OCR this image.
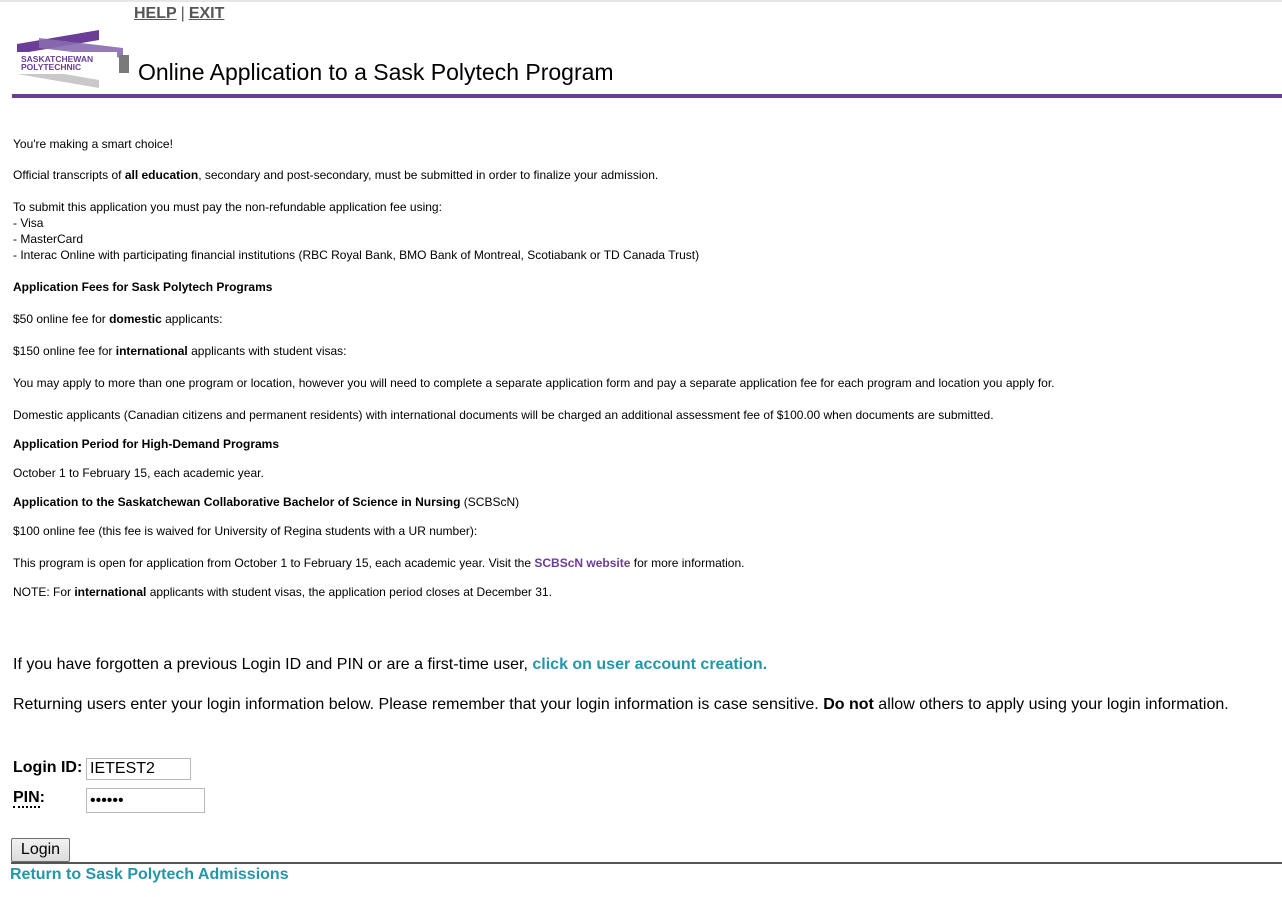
HELP | EXIT
SASKATCHEWAN
POLYTECHNIC Online Application to a Sask Polytech Program

You're making a smart choice!

Official transcripts of all education, secondary and post-secondary, must be submitted in order to finalize your admission.

To submit this application you must pay the non-refundable application fee using:

- Visa

- MasterCard

- Interac Online with participating financial institutions (RBC Royal Bank, BMO Bank of Montreal, Scotiabank or TD Canada Trust)

Application Fees for Sask Polytech Programs

$50 online fee for domestic applicants:

$150 online fee for international applicants with student visas:

You may apply to more than one program or location, however you will need to complete a separate application form and pay a separate application fee for each program and location you apply for.

Domestic applicants (Canadian citizens and permanent residents) with international documents will be charged an additional assessment fee of $100.00 when documents are submitted.

Application Period for High-Demand Programs

October 1 to February 15, each academic year.

Application to the Saskatchewan Collaborative Bachelor of Science in Nursing (SCBScN)

$100 online fee (this fee is waived for University of Regina students with a UR number):

This program is open for application from October 1 to February 15, each academic year. Visit the SCBScN website for more information.

NOTE: For international applicants with student visas, the application period closes at December 31.

If you have forgotten a previous Login ID and PIN or are a first-time user, click on user account creation.
Returning users enter your login information below. Please remember that your login information is case sensitive. Do not allow others to apply using your login information.
Login ID:
IETEST2
PIN:
Login
Return to Sask Polytech Admissions
